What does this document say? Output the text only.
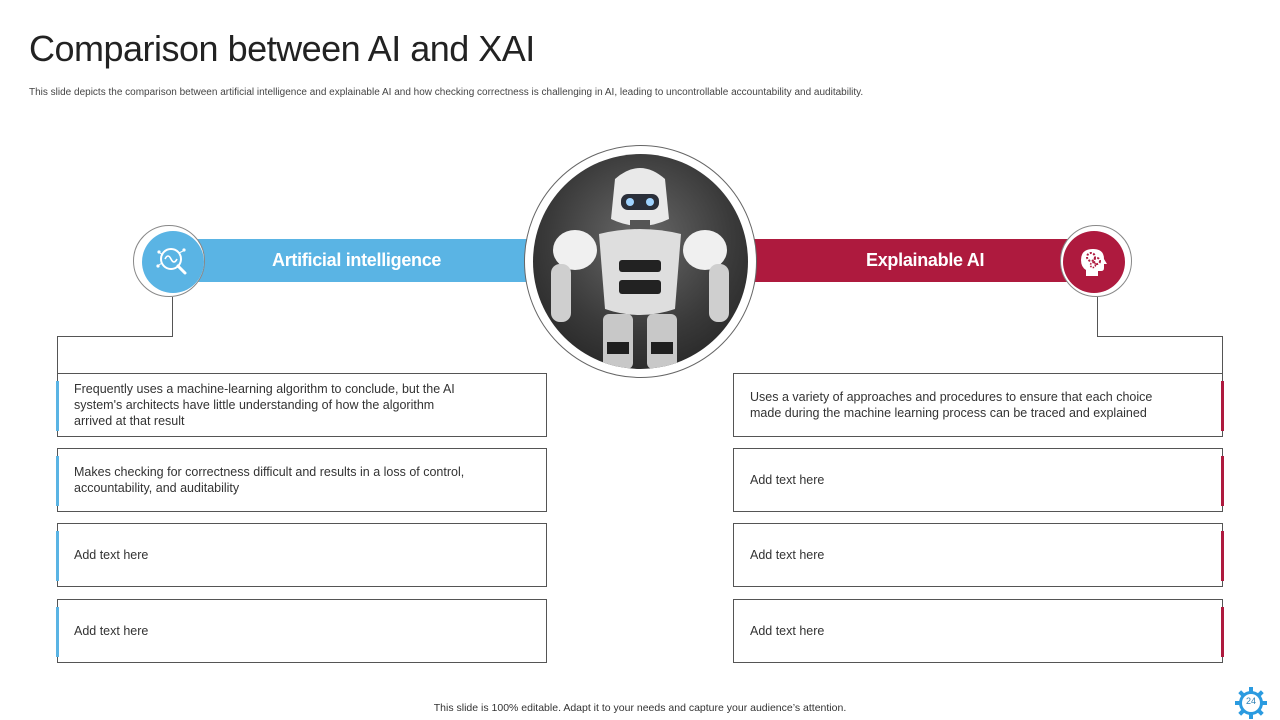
Comparison between AI and XAI
This slide depicts the comparison between artificial intelligence and explainable AI and how checking correctness is challenging in AI, leading to uncontrollable accountability and auditability.
Artificial intelligence	Explainable AI
Frequently uses a machine-learning algorithm to conclude, but the AI system's architects have little understanding of how the algorithm arrived at that result
Makes checking for correctness difficult and results in a loss of control, accountability, and auditability
Add text here
Add text here
Uses a variety of approaches and procedures to ensure that each choice made during the machine learning process can be traced and explained
Add text here
Add text here
Add text here
This slide is 100% editable. Adapt it to your needs and capture your audience’s attention.
24
